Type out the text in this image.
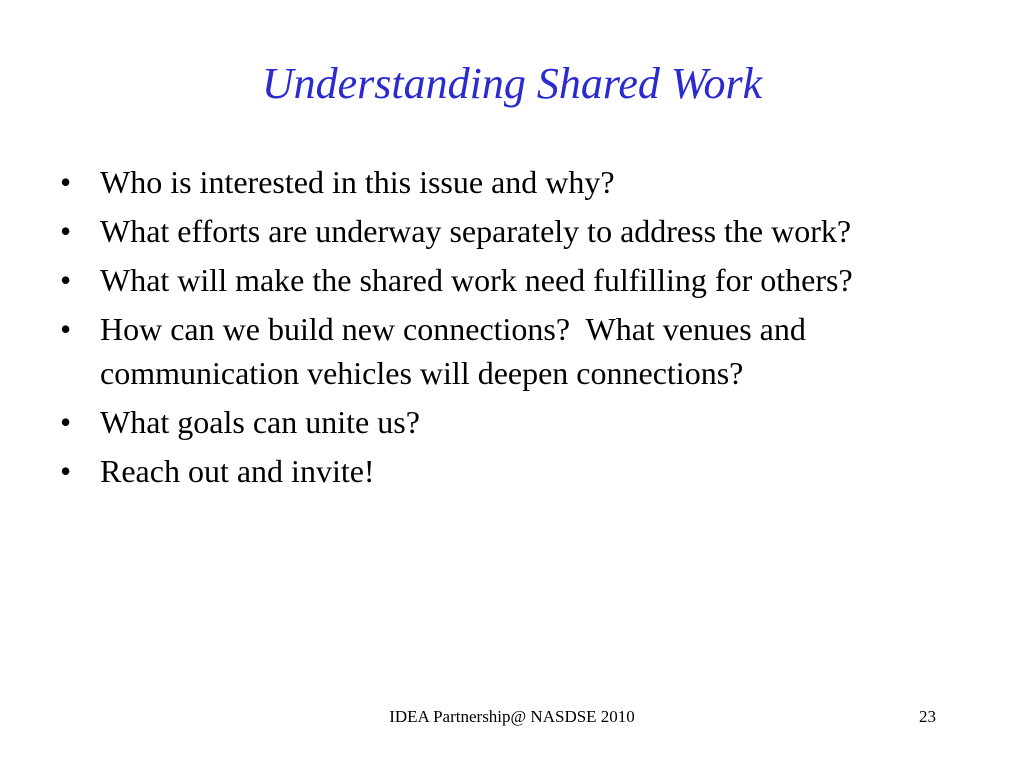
Understanding Shared Work
• Who is interested in this issue and why?
• What efforts are underway separately to address the work?
• What will make the shared work need fulfilling for others?
• How can we build new connections?  What venues and communication vehicles will deepen connections?
• What goals can unite us?
• Reach out and invite!
IDEA Partnership@ NASDSE 2010	23
